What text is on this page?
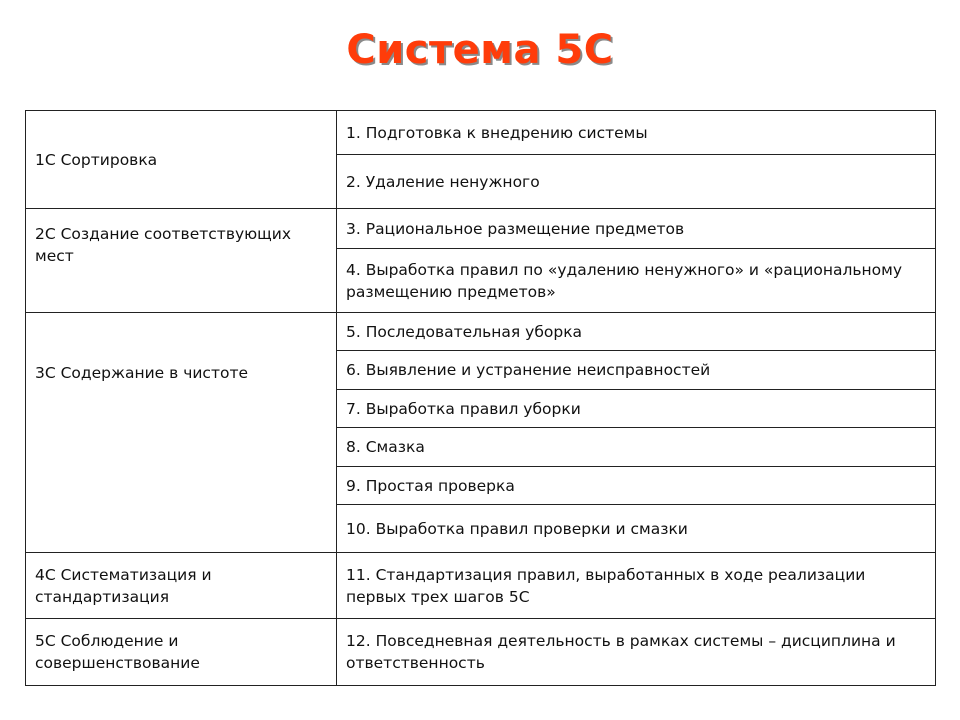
Система 5С
1С Сортировка	1. Подготовка к внедрению системы
	2. Удаление ненужного
2С Создание соответствующих мест	3. Рациональное размещение предметов
	4. Выработка правил по «удалению ненужного» и «рациональному размещению предметов»
3С Содержание в чистоте	5. Последовательная уборка
	6. Выявление и устранение неисправностей
	7. Выработка правил уборки
	8. Смазка
	9. Простая проверка
	10. Выработка правил проверки и смазки
4С Систематизация и стандартизация	11. Стандартизация правил, выработанных в ходе реализации первых трех шагов 5С
5С Соблюдение и совершенствование	12. Повседневная деятельность в рамках системы – дисциплина и ответственность
